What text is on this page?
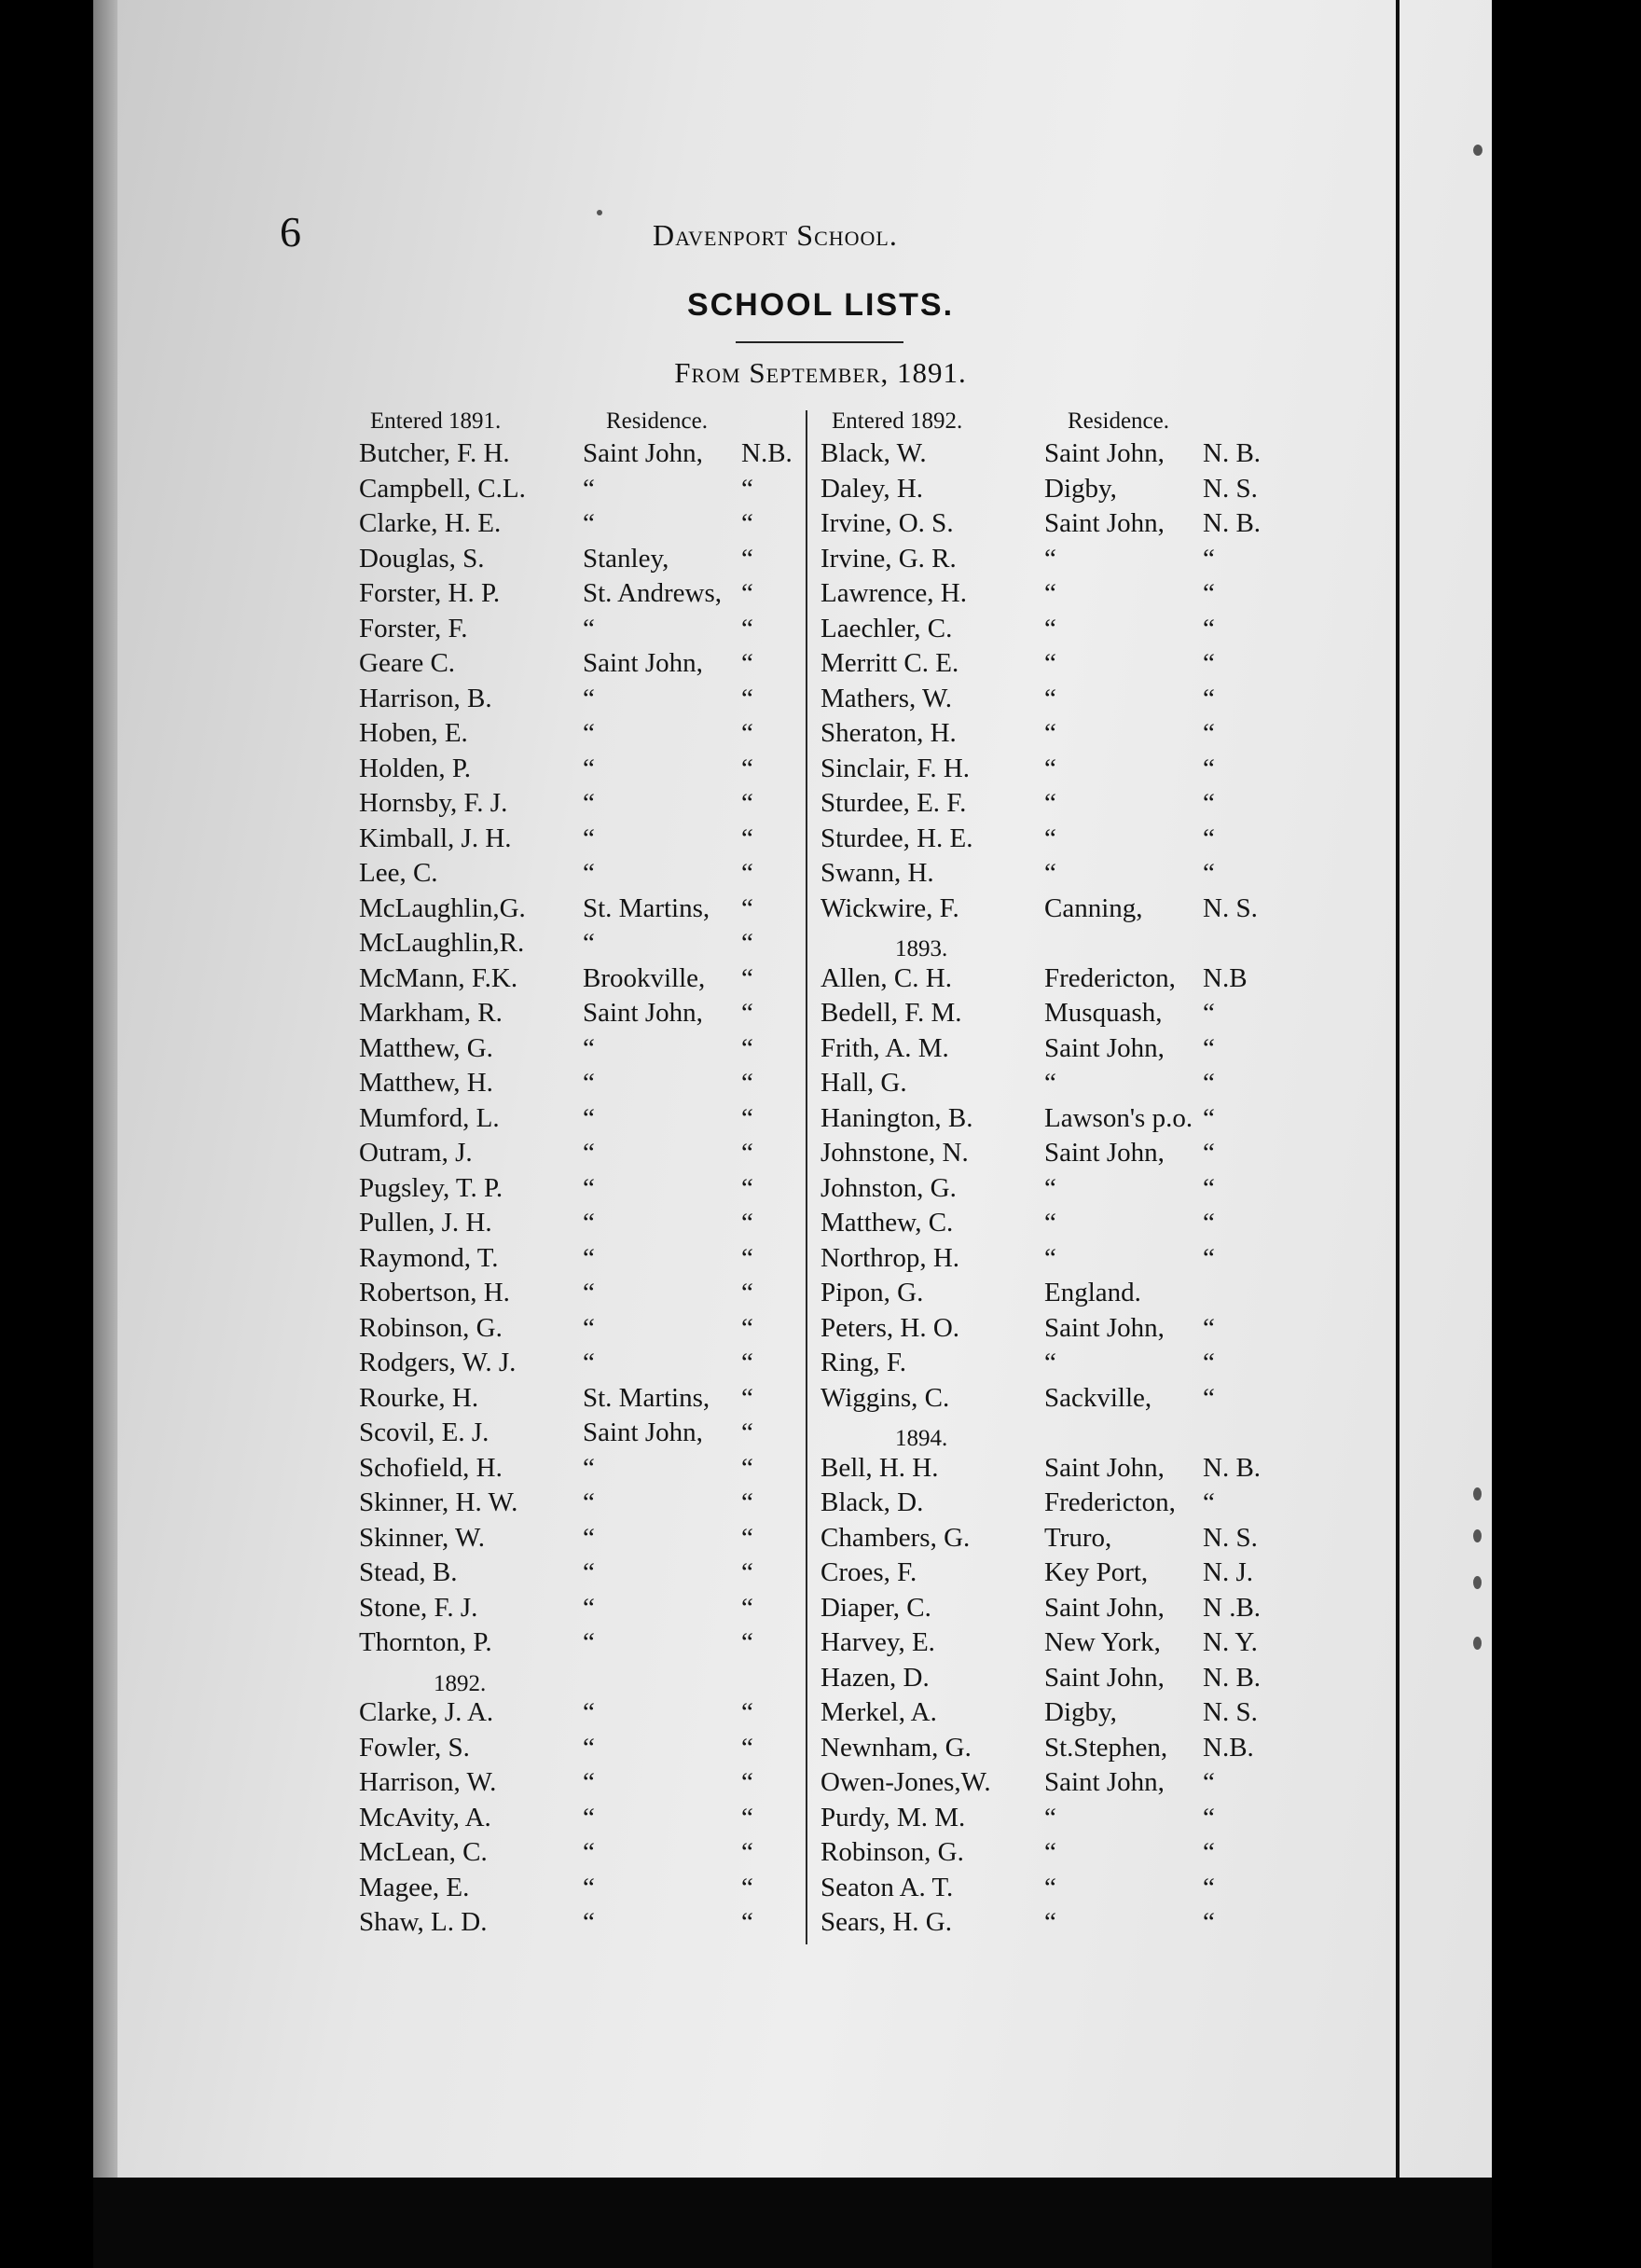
6	Davenport School.
SCHOOL LISTS.
From September, 1891.
Entered 1891.	Residence.
Butcher, F. H.	Saint John, N.B.
Campbell, C.L. “	“
Clarke, H. E.	“	“
Douglas, S.	Stanley,	“
Forster, H. P.	St. Andrews, “
Forster, F.	“	“
Geare C.	Saint John, “
Harrison, B.	“	“
Hoben, E.	“	“
Holden, P.	“	“
Hornsby, F. J.	“	“
Kimball, J. H.	“	“
Lee, C.	“	“
McLaughlin,G. St. Martins, “
McLaughlin,R. “	“
McMann, F.K. Brookville, “
Markham, R.	Saint John, “
Matthew, G.	“	“
Matthew, H.	“	“
Mumford, L.	“	“
Outram, J.	“	“
Pugsley, T. P.	“	“
Pullen, J. H.	“	“
Raymond, T.	“	“
Robertson, H.	“	“
Robinson, G.	“	“
Rodgers, W. J. “	“
Rourke, H.	St. Martins, “
Scovil, E. J.	Saint John, “
Schofield, H.	“	“
Skinner, H. W. “	“
Skinner, W.	“	“
Stead, B.	“	“
Stone, F. J.	“	“
Thornton, P.	“	“
1892.
Clarke, J. A.	“	“
Fowler, S.	“	“
Harrison, W.	“	“
McAvity, A.	“	“
McLean, C.	“	“
Magee, E.	“	“
Shaw, L. D.	“	“
Entered 1892.	Residence.
Black, W.	Saint John, N. B.
Daley, H.	Digby,	N. S.
Irvine, O. S.	Saint John, N. B.
Irvine, G. R.	“	“
Lawrence, H.	“	“
Laechler, C.	“	“
Merritt C. E.	“	“
Mathers, W.	“	“
Sheraton, H.	“	“
Sinclair, F. H.	“	“
Sturdee, E. F.	“	“
Sturdee, H. E.	“	“
Swann, H.	“	“
Wickwire, F.	Canning, N. S.
1893.
Allen, C. H.	Fredericton, N.B
Bedell, F. M.	Musquash, “
Frith, A. M.	Saint John, “
Hall, G.	“	“
Hanington, B.	Lawson's p.o. “
Johnstone, N.	Saint John, “
Johnston, G.	“	“
Matthew, C.	“	“
Northrop, H.	“	“
Pipon, G.	England.
Peters, H. O.	Saint John, “
Ring, F.	“	“
Wiggins, C.	Sackville, “
1894.
Bell, H. H.	Saint John, N. B.
Black, D.	Fredericton, “
Chambers, G.	Truro,	N. S.
Croes, F.	Key Port, N. J.
Diaper, C.	Saint John, N .B.
Harvey, E.	New York, N. Y.
Hazen, D.	Saint John, N. B.
Merkel, A.	Digby,	N. S.
Newnham, G.	St.Stephen, N.B.
Owen-Jones,W. Saint John, “
Purdy, M. M.	“	“
Robinson, G.	“	“
Seaton A. T.	“	“
Sears, H. G.	“	“
